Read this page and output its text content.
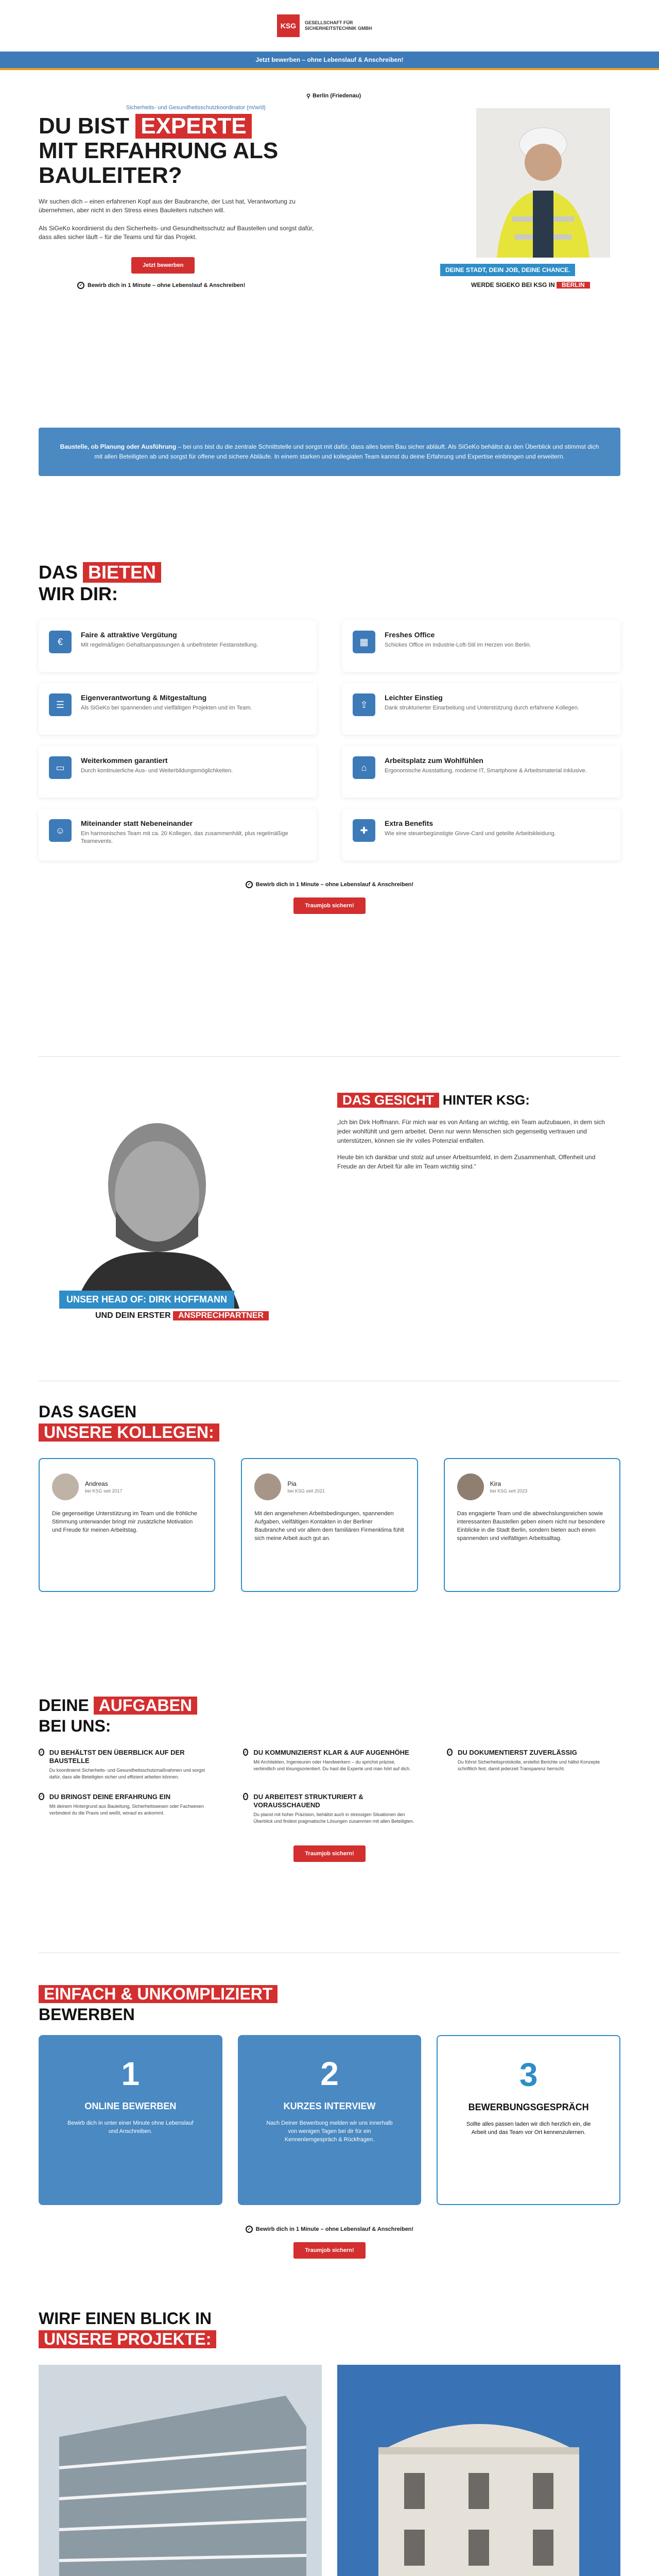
KSG	GESELLSCHAFT FÜR SICHERHEITSTECHNIK GMBH
Jetzt bewerben – ohne Lebenslauf & Anschreiben!
⚲ Berlin (Friedenau)
Sicherheits- und Gesundheitsschutzkoordinator (m/w/d)
DU BIST EXPERTE
MIT ERFAHRUNG ALS BAULEITER?

Wir suchen dich – einen erfahrenen Kopf aus der Baubranche, der Lust hat, Verantwortung zu übernehmen, aber nicht in den Stress eines Bauleiters rutschen will.

Als SiGeKo koordinierst du den Sicherheits- und Gesundheitsschutz auf Baustellen und sorgst dafür, dass alles sicher läuft – für die Teams und für das Projekt.

Jetzt bewerben
✓ Bewirb dich in 1 Minute – ohne Lebenslauf & Anschreiben!
DEINE STADT, DEIN JOB, DEINE CHANCE.
WERDE SIGEKO BEI KSG IN BERLIN
Baustelle, ob Planung oder Ausführung – bei uns bist du die zentrale Schnittstelle und sorgst mit dafür, dass alles beim Bau sicher abläuft. Als SiGeKo behältst du den Überblick und stimmst dich mit allen Beteiligten ab und sorgst für offene und sichere Abläufe. In einem starken und kollegialen Team kannst du deine Erfahrung und Expertise einbringen und erweitern.
DAS BIETEN
WIR DIR:
€
Faire & attraktive Vergütung

Mit regelmäßigen Gehaltsanpassungen & unbefristeter Festanstellung.	▦
Freshes Office

Schickes Office im Industrie-Loft-Stil im Herzen von Berlin.

☰
Eigenverantwortung & Mitgestaltung

Als SiGeKo bei spannenden und vielfältigen Projekten und im Team.	⇧
Leichter Einstieg

Dank strukturierter Einarbeitung und Unterstützung durch erfahrene Kollegen.

▭
Weiterkommen garantiert

Durch kontinuierliche Aus- und Weiterbildungsmöglichkeiten.	⌂
Arbeitsplatz zum Wohlfühlen

Ergonomische Ausstattung, moderne IT, Smartphone & Arbeitsmaterial inklusive.

☺
Miteinander statt Nebeneinander

Ein harmonisches Team mit ca. 20 Kollegen, das zusammenhält, plus regelmäßige Teamevents.

✚
Extra Benefits

Wie eine steuerbegünstigte Givve-Card und geteilte Arbeitskleidung.

✓ Bewirb dich in 1 Minute – ohne Lebenslauf & Anschreiben!
Traumjob sichern!
UNSER HEAD OF: DIRK HOFFMANN
UND DEIN ERSTER ANSPRECHPARTNER
DAS GESICHT HINTER KSG:

„Ich bin Dirk Hoffmann. Für mich war es von Anfang an wichtig, ein Team aufzubauen, in dem sich jeder wohlfühlt und gern arbeitet. Denn nur wenn Menschen sich gegenseitig vertrauen und unterstützen, können sie ihr volles Potenzial entfalten.

Heute bin ich dankbar und stolz auf unser Arbeitsumfeld, in dem Zusammenhalt, Offenheit und Freude an der Arbeit für alle im Team wichtig sind.“

DAS SAGEN
UNSERE KOLLEGEN:
Andreas
bei KSG seit 2017

Die gegenseitige Unterstützung im Team und die fröhliche Stimmung unterwander bringt mir zusätzliche Motivation und Freude für meinen Arbeitstag.

Pia
bei KSG seit 2021

Mit den angenehmen Arbeitsbedingungen, spannenden Aufgaben, vielfältigen Kontakten in der Berliner Baubranche und vor allem dem familiären Firmenklima fühlt sich meine Arbeit auch gut an.

Kira
bei KSG seit 2023

Das engagierte Team und die abwechslungsreichen sowie interessanten Baustellen geben einem nicht nur besondere Einblicke in die Stadt Berlin, sondern bieten auch einen spannenden und vielfältigen Arbeitsalltag.

DEINE AUFGABEN
BEI UNS:
✓ DU BEHÄLTST DEN ÜBERBLICK AUF DER BAUSTELLE

Du koordinierst Sicherheits- und Gesundheitsschutzmaßnahmen und sorgst dafür, dass alle Beteiligten sicher und effizient arbeiten können.

✓ DU KOMMUNIZIERST KLAR & AUF AUGENHÖHE

Mit Architekten, Ingenieuren oder Handwerkern – du sprichst präzise, verbindlich und lösungsorientiert. Du hast die Experte und man hört auf dich.

✓ DU DOKUMENTIERST ZUVERLÄSSIG

Du führst Sicherheitsprotokolle, erstellst Berichte und hältst Konzepte schriftlich fest, damit jederzeit Transparenz herrscht.

✓ DU BRINGST DEINE ERFAHRUNG EIN

Mit deinem Hintergrund aus Bauleitung, Sicherheitswesen oder Fachwesen verbindest du die Praxis und weißt, worauf es ankommt.

✓ DU ARBEITEST STRUKTURIERT & VORAUSSCHAUEND

Du planst mit hoher Präzision, behältst auch in stressigen Situationen den Überblick und findest pragmatische Lösungen zusammen mit allen Beteiligten.

Traumjob sichern!
EINFACH & UNKOMPLIZIERT
BEWERBEN
1
ONLINE BEWERBEN

Bewirb dich in unter einer Minute ohne Lebenslauf und Anschreiben.

2
KURZES INTERVIEW

Nach Deiner Bewerbung melden wir uns innerhalb von wenigen Tagen bei dir für ein Kennenlerngespräch & Rückfragen.

3
BEWERBUNGSGESPRÄCH

Sollte alles passen laden wir dich herzlich ein, die Arbeit und das Team vor Ort kennenzulernen.

✓ Bewirb dich in 1 Minute – ohne Lebenslauf & Anschreiben!
Traumjob sichern!
WIRF EINEN BLICK IN
UNSERE PROJEKTE:
